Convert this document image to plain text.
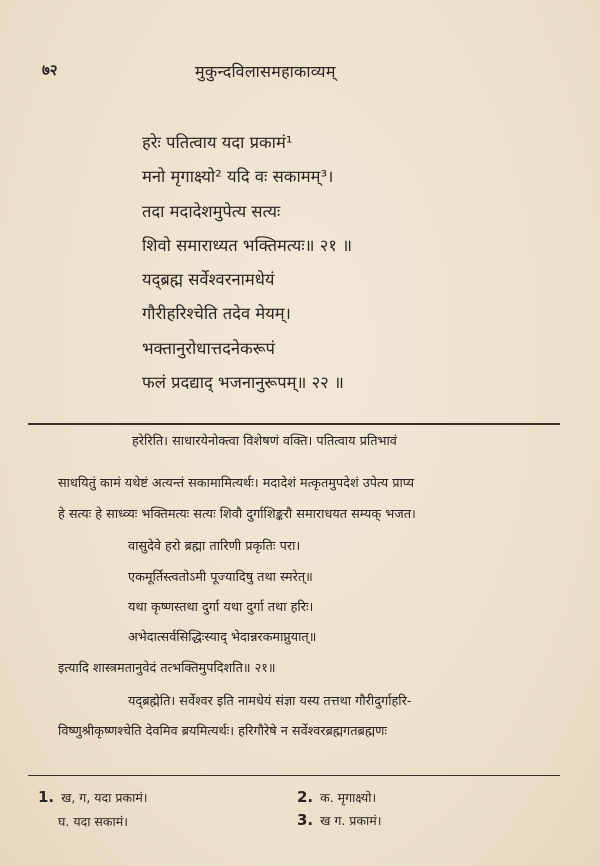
७२	मुकुन्दविलासमहाकाव्यम्
हरेः पतित्वाय यदा प्रकामं¹
मनो मृगाक्ष्यो² यदि वः सकामम्³।
तदा मदादेशमुपेत्य सत्यः
शिवो समाराध्यत भक्तिमत्यः॥ २१ ॥
यद्ब्रह्म सर्वेश्वरनामधेयं
गौरीहरिश्चेति तदेव मेयम्।
भक्तानुरोधात्तदनेकरूपं
फलं प्रदद्याद् भजनानुरूपम्॥ २२ ॥
हरेरिति। साधारयेनोक्त्वा विशेषणं वक्ति। पतित्वाय प्रतिभावं
साधयितुं कामं यथेष्टं अत्यन्तं सकामामित्यर्थः। मदादेशं मत्कृतमुपदेशं उपेत्य प्राप्य
हे सत्यः हे साध्व्यः भक्तिमत्यः सत्यः शिवौ दुर्गाशिङ्करौ समाराधयत सम्यक् भजत।
वासुदेवे हरो ब्रह्मा तारिणी प्रकृतिः परा।
एकमूर्तिस्त्वतोऽमी पूज्यादिषु तथा स्मरेत्॥
यथा कृष्णस्तथा दुर्गा यथा दुर्गा तथा हरिः।
अभेदात्सर्वसिद्धिःस्याद् भेदान्नरकमाप्नुयात्॥
इत्यादि शास्त्रमतानुवेदं तत्भक्तिमुपदिशति॥ २१॥
यद्ब्रह्मेति। सर्वेश्वर इति नामधेयं संज्ञा यस्य तत्तथा गौरीदुर्गाहरि-
विष्णुश्रीकृष्णश्चेति देवमिव ब्रयमित्यर्थः। हरिगौरेषे न सर्वेश्वरब्रह्मगतब्रह्मणः
1. ख, ग, यदा प्रकामं।
घ. यदा सकामं।
2. क. मृगाक्ष्यो।
3. ख ग. प्रकामं।
